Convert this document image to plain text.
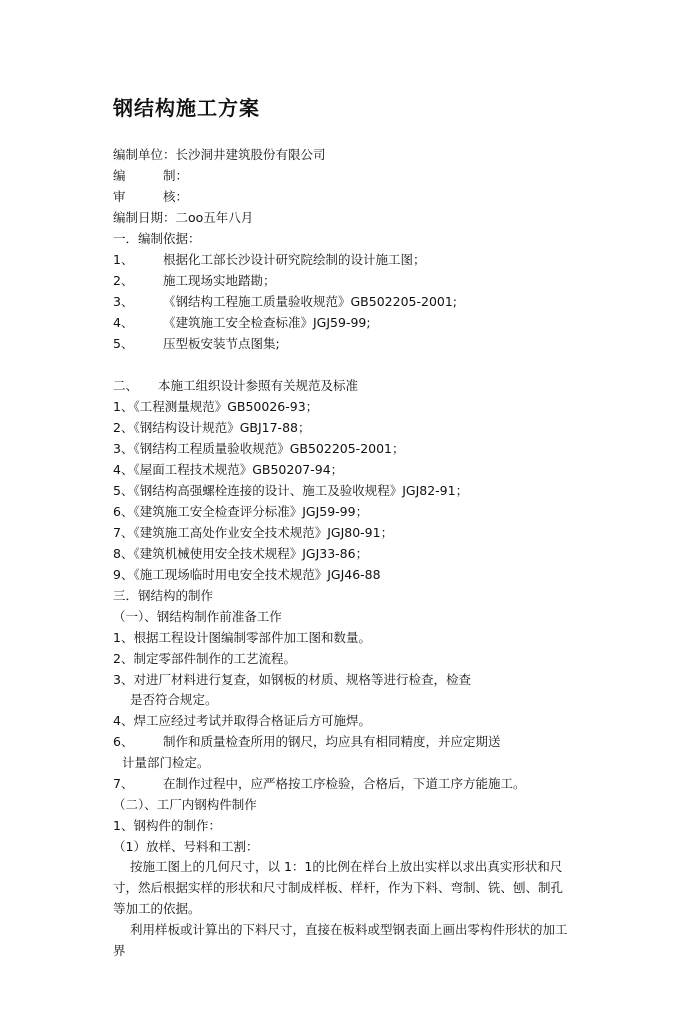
钢结构施工方案
编制单位：长沙洞井建筑股份有限公司
编	制：
审	核：
编制日期：二oo五年八月
一．编制依据：
1、 根据化工部长沙设计研究院绘制的设计施工图；
2、 施工现场实地踏勘；
3、 《钢结构工程施工质量验收规范》GB502205-2001;
4、 《建筑施工安全检查标准》JGJ59-99;
5、 压型板安装节点图集;
二、 本施工组织设计参照有关规范及标准
1、《工程测量规范》GB50026-93；
2、《钢结构设计规范》GBJ17-88；
3、《钢结构工程质量验收规范》GB502205-2001；
4、《屋面工程技术规范》GB50207-94；
5、《钢结构高强螺栓连接的设计、施工及验收规程》JGJ82-91；
6、《建筑施工安全检查评分标准》JGJ59-99；
7、《建筑施工高处作业安全技术规范》JGJ80-91；
8、《建筑机械使用安全技术规程》JGJ33-86；
9、《施工现场临时用电安全技术规范》JGJ46-88
三．钢结构的制作
（一）、钢结构制作前准备工作
1、根据工程设计图编制零部件加工图和数量。
2、制定零部件制作的工艺流程。
3、对进厂材料进行复查，如钢板的材质、规格等进行检查，检查
是否符合规定。
4、焊工应经过考试并取得合格证后方可施焊。
6、 制作和质量检查所用的钢尺，均应具有相同精度，并应定期送
计量部门检定。
7、 在制作过程中，应严格按工序检验，合格后，下道工序方能施工。
（二）、工厂内钢构件制作
1、钢构件的制作：
（1）放样、号料和工割：
按施工图上的几何尺寸，以 1：1的比例在样台上放出实样以求出真实形状和尺寸，然后根据实样的形状和尺寸制成样板、样杆，作为下料、弯制、铣、刨、制孔等加工的依据。
利用样板或计算出的下料尺寸，直接在板料或型钢表面上画出零构件形状的加工界
